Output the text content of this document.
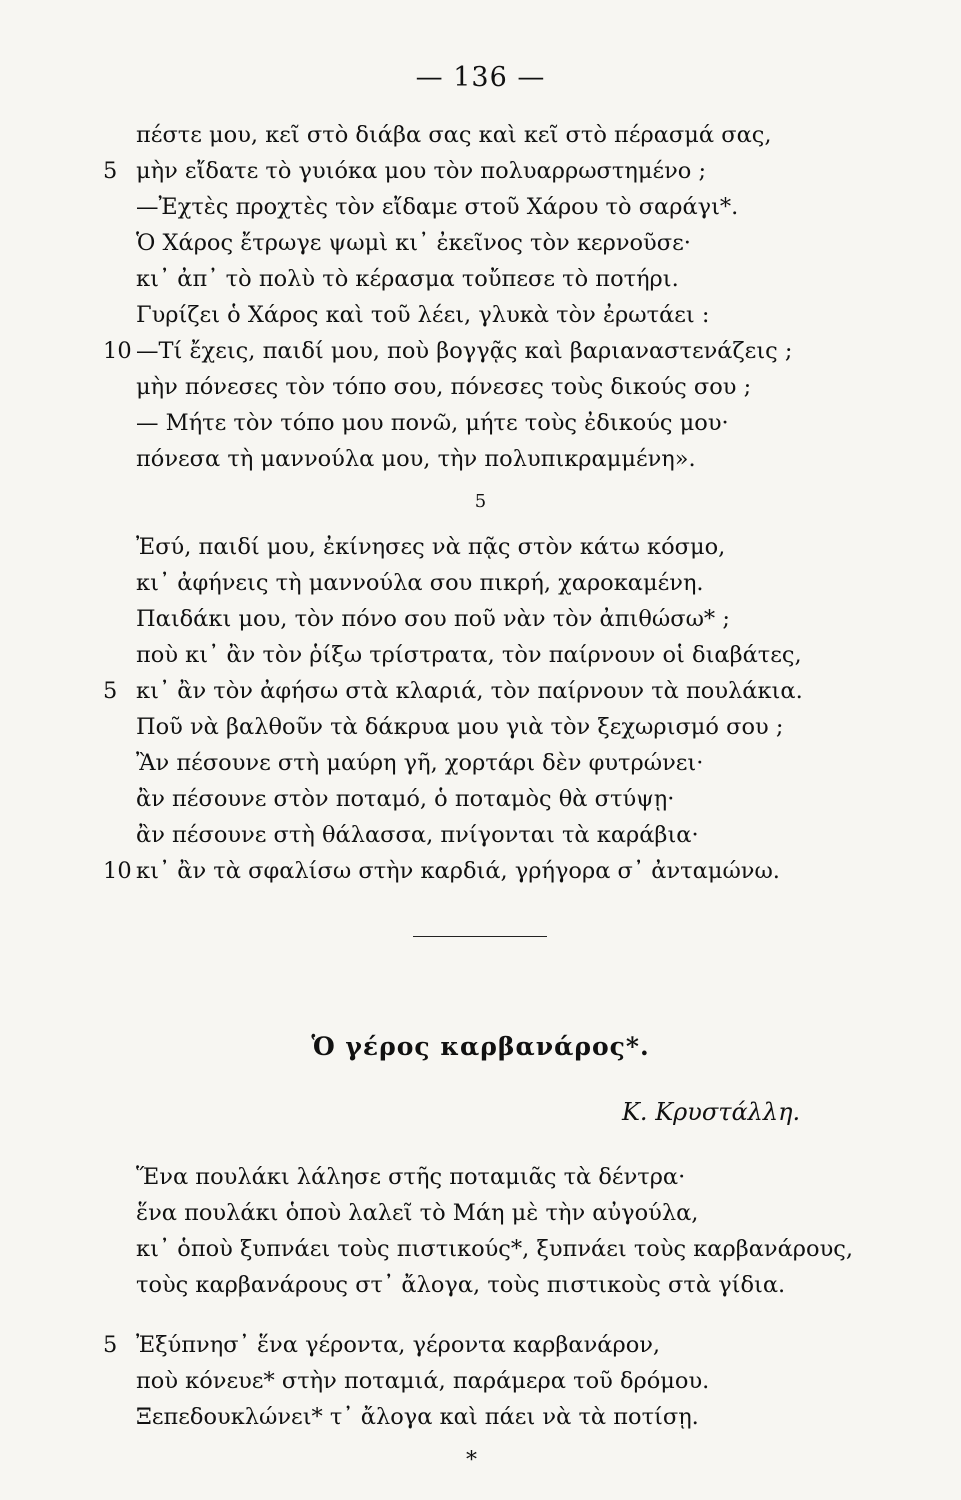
— 136 —
πέστε μου, κεῖ στὸ διάβα σας καὶ κεῖ στὸ πέρασμά σας,
5 μὴν εἴδατε τὸ γυιόκα μου τὸν πολυαρρωστημένο ;
—Ἐχτὲς προχτὲς τὸν εἴδαμε στοῦ Χάρου τὸ σαράγι*.
Ὁ Χάρος ἔτρωγε ψωμὶ κι᾽ ἐκεῖνος τὸν κερνοῦσε·
κι᾽ ἀπ᾽ τὸ πολὺ τὸ κέρασμα τοὔπεσε τὸ ποτήρι.
Γυρίζει ὁ Χάρος καὶ τοῦ λέει, γλυκὰ τὸν ἐρωτάει :
10 —Τί ἔχεις, παιδί μου, ποὺ βογγᾷς καὶ βαριαναστενάζεις ;
μὴν πόνεσες τὸν τόπο σου, πόνεσες τοὺς δικούς σου ;
— Μήτε τὸν τόπο μου πονῶ, μήτε τοὺς ἐδικούς μου·
πόνεσα τὴ μαννούλα μου, τὴν πολυπικραμμένη».
5
Ἐσύ, παιδί μου, ἐκίνησες νὰ πᾷς στὸν κάτω κόσμο,
κι᾽ ἀφήνεις τὴ μαννούλα σου πικρή, χαροκαμένη.
Παιδάκι μου, τὸν πόνο σου ποῦ νὰν τὸν ἀπιθώσω* ;
ποὺ κι᾽ ἂν τὸν ῥίξω τρίστρατα, τὸν παίρνουν οἱ διαβάτες,
5 κι᾽ ἂν τὸν ἀφήσω στὰ κλαριά, τὸν παίρνουν τὰ πουλάκια.
Ποῦ νὰ βαλθοῦν τὰ δάκρυα μου γιὰ τὸν ξεχωρισμό σου ;
Ἂν πέσουνε στὴ μαύρη γῆ, χορτάρι δὲν φυτρώνει·
ἂν πέσουνε στὸν ποταμό, ὁ ποταμὸς θὰ στύψῃ·
ἂν πέσουνε στὴ θάλασσα, πνίγονται τὰ καράβια·
10 κι᾽ ἂν τὰ σφαλίσω στὴν καρδιά, γρήγορα σ᾽ ἀνταμώνω.
Ὁ γέρος καρβανάρος*.
Κ. Κρυστάλλη.
Ἕνα πουλάκι λάλησε στῆς ποταμιᾶς τὰ δέντρα·
ἕνα πουλάκι ὁποὺ λαλεῖ τὸ Μάη μὲ τὴν αὐγούλα,
κι᾽ ὁποὺ ξυπνάει τοὺς πιστικούς*, ξυπνάει τοὺς καρβανάρους,
τοὺς καρβανάρους στ᾽ ἄλογα, τοὺς πιστικοὺς στὰ γίδια.
5 Ἐξύπνησ᾽ ἕνα γέροντα, γέροντα καρβανάρον,
ποὺ κόνευε* στὴν ποταμιά, παράμερα τοῦ δρόμου.
Ξεπεδουκλώνει* τ᾽ ἄλογα καὶ πάει νὰ τὰ ποτίσῃ.
*
